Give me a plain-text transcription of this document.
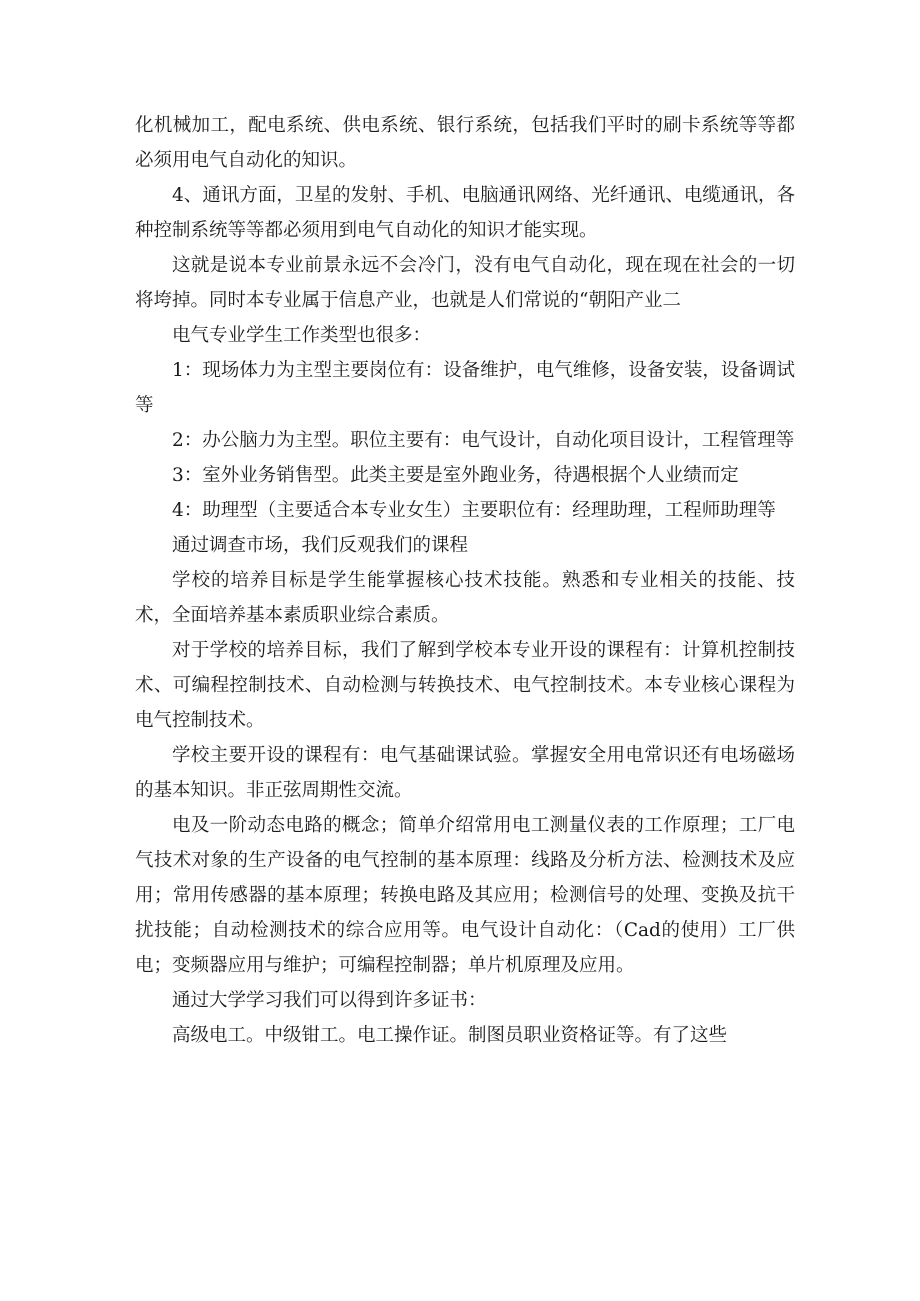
化机械加工，配电系统、供电系统、银行系统，包括我们平时的刷卡系统等等都必须用电气自动化的知识。

4、通讯方面，卫星的发射、手机、电脑通讯网络、光纤通讯、电缆通讯，各种控制系统等等都必须用到电气自动化的知识才能实现。

这就是说本专业前景永远不会冷门，没有电气自动化，现在现在社会的一切将垮掉。同时本专业属于信息产业，也就是人们常说的“朝阳产业二

电气专业学生工作类型也很多：

1：现场体力为主型主要岗位有：设备维护，电气维修，设备安装，设备调试等

2：办公脑力为主型。职位主要有：电气设计，自动化项目设计，工程管理等

3：室外业务销售型。此类主要是室外跑业务，待遇根据个人业绩而定

4：助理型（主要适合本专业女生）主要职位有：经理助理，工程师助理等

通过调查市场，我们反观我们的课程

学校的培养目标是学生能掌握核心技术技能。熟悉和专业相关的技能、技术，全面培养基本素质职业综合素质。

对于学校的培养目标，我们了解到学校本专业开设的课程有：计算机控制技术、可编程控制技术、自动检测与转换技术、电气控制技术。本专业核心课程为电气控制技术。

学校主要开设的课程有：电气基础课试验。掌握安全用电常识还有电场磁场的基本知识。非正弦周期性交流。

电及一阶动态电路的概念；简单介绍常用电工测量仪表的工作原理；工厂电气技术对象的生产设备的电气控制的基本原理：线路及分析方法、检测技术及应用；常用传感器的基本原理；转换电路及其应用；检测信号的处理、变换及抗干扰技能；自动检测技术的综合应用等。电气设计自动化：（Cad的使用）工厂供电；变频器应用与维护；可编程控制器；单片机原理及应用。

通过大学学习我们可以得到许多证书：

高级电工。中级钳工。电工操作证。制图员职业资格证等。有了这些
